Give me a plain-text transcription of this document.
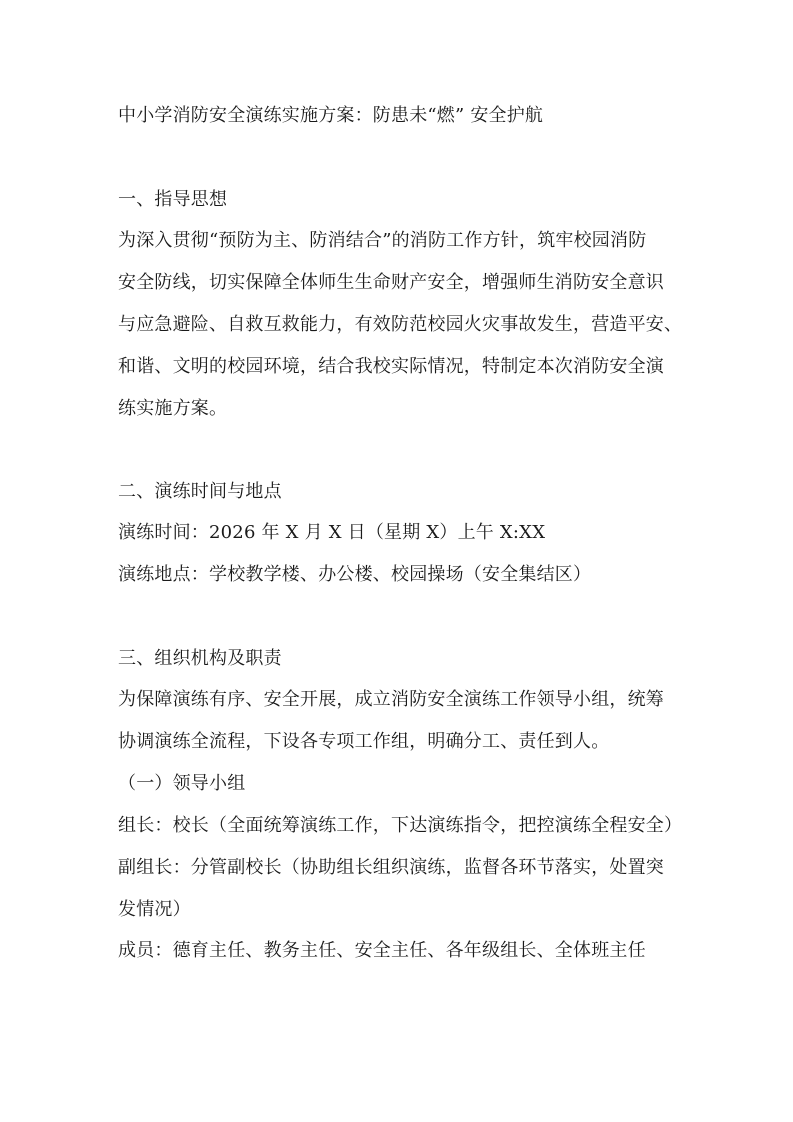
中小学消防安全演练实施方案：防患未“燃” 安全护航
一、指导思想
为深入贯彻“预防为主、防消结合”的消防工作方针，筑牢校园消防
安全防线，切实保障全体师生生命财产安全，增强师生消防安全意识
与应急避险、自救互救能力，有效防范校园火灾事故发生，营造平安、
和谐、文明的校园环境，结合我校实际情况，特制定本次消防安全演
练实施方案。
二、演练时间与地点
演练时间：2026 年 X 月 X 日（星期 X）上午 X:XX
演练地点：学校教学楼、办公楼、校园操场（安全集结区）
三、组织机构及职责
为保障演练有序、安全开展，成立消防安全演练工作领导小组，统筹
协调演练全流程，下设各专项工作组，明确分工、责任到人。
（一）领导小组
组长：校长（全面统筹演练工作，下达演练指令，把控演练全程安全）
副组长：分管副校长（协助组长组织演练，监督各环节落实，处置突
发情况）
成员：德育主任、教务主任、安全主任、各年级组长、全体班主任
